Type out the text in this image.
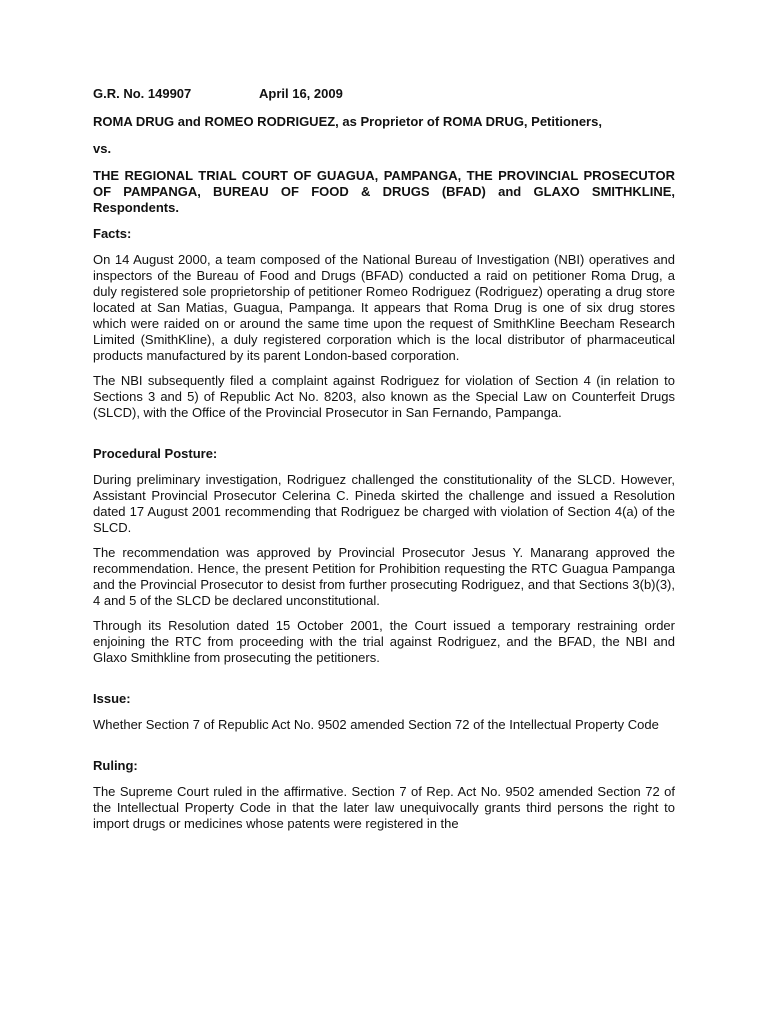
G.R. No. 149907	April 16, 2009
ROMA DRUG and ROMEO RODRIGUEZ, as Proprietor of ROMA DRUG, Petitioners,
vs.
THE REGIONAL TRIAL COURT OF GUAGUA, PAMPANGA, THE PROVINCIAL PROSECUTOR OF PAMPANGA, BUREAU OF FOOD & DRUGS (BFAD) and GLAXO SMITHKLINE, Respondents.
Facts:

On 14 August 2000, a team composed of the National Bureau of Investigation (NBI) operatives and inspectors of the Bureau of Food and Drugs (BFAD) conducted a raid on petitioner Roma Drug, a duly registered sole proprietorship of petitioner Romeo Rodriguez (Rodriguez) operating a drug store located at San Matias, Guagua, Pampanga. It appears that Roma Drug is one of six drug stores which were raided on or around the same time upon the request of SmithKline Beecham Research Limited (SmithKline), a duly registered corporation which is the local distributor of pharmaceutical products manufactured by its parent London-based corporation.

The NBI subsequently filed a complaint against Rodriguez for violation of Section 4 (in relation to Sections 3 and 5) of Republic Act No. 8203, also known as the Special Law on Counterfeit Drugs (SLCD), with the Office of the Provincial Prosecutor in San Fernando, Pampanga.

Procedural Posture:

During preliminary investigation, Rodriguez challenged the constitutionality of the SLCD. However, Assistant Provincial Prosecutor Celerina C. Pineda skirted the challenge and issued a Resolution dated 17 August 2001 recommending that Rodriguez be charged with violation of Section 4(a) of the SLCD.

The recommendation was approved by Provincial Prosecutor Jesus Y. Manarang approved the recommendation. Hence, the present Petition for Prohibition requesting the RTC Guagua Pampanga and the Provincial Prosecutor to desist from further prosecuting Rodriguez, and that Sections 3(b)(3), 4 and 5 of the SLCD be declared unconstitutional.

Through its Resolution dated 15 October 2001, the Court issued a temporary restraining order enjoining the RTC from proceeding with the trial against Rodriguez, and the BFAD, the NBI and Glaxo Smithkline from prosecuting the petitioners.

Issue:

Whether Section 7 of Republic Act No. 9502 amended Section 72 of the Intellectual Property Code

Ruling:

The Supreme Court ruled in the affirmative. Section 7 of Rep. Act No. 9502 amended Section 72 of the Intellectual Property Code in that the later law unequivocally grants third persons the right to import drugs or medicines whose patents were registered in the
